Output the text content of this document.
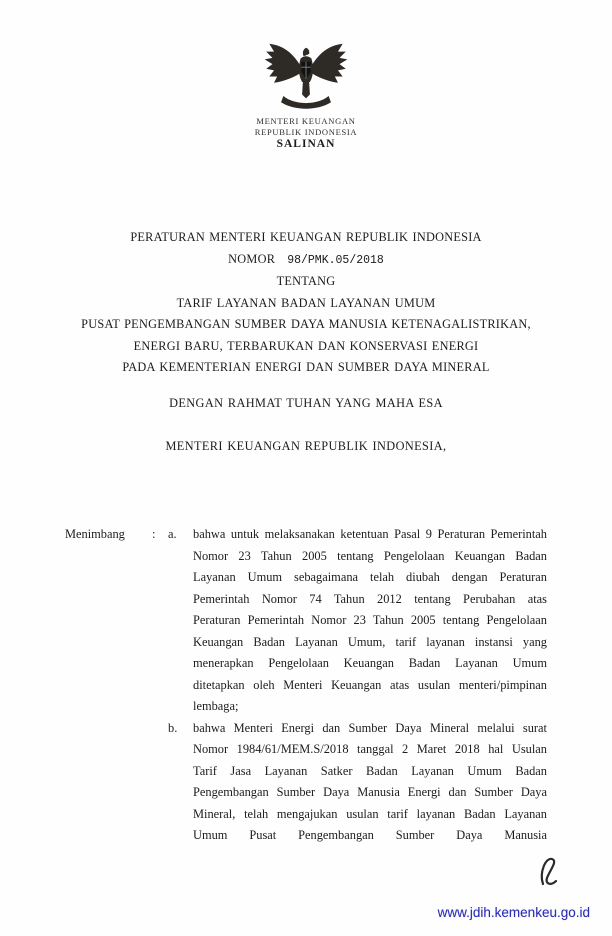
MENTERI KEUANGAN
REPUBLIK INDONESIA
SALINAN
PERATURAN MENTERI KEUANGAN REPUBLIK INDONESIA
NOMOR 98/PMK.05/2018
TENTANG
TARIF LAYANAN BADAN LAYANAN UMUM
PUSAT PENGEMBANGAN SUMBER DAYA MANUSIA KETENAGALISTRIKAN,
ENERGI BARU, TERBARUKAN DAN KONSERVASI ENERGI
PADA KEMENTERIAN ENERGI DAN SUMBER DAYA MINERAL
DENGAN RAHMAT TUHAN YANG MAHA ESA
MENTERI KEUANGAN REPUBLIK INDONESIA,
Menimbang	:	a.	bahwa untuk melaksanakan ketentuan Pasal 9 Peraturan Pemerintah Nomor 23 Tahun 2005 tentang Pengelolaan Keuangan Badan Layanan Umum sebagaimana telah diubah dengan Peraturan Pemerintah Nomor 74 Tahun 2012 tentang Perubahan atas Peraturan Pemerintah Nomor 23 Tahun 2005 tentang Pengelolaan Keuangan Badan Layanan Umum, tarif layanan instansi yang menerapkan Pengelolaan Keuangan Badan Layanan Umum ditetapkan oleh Menteri Keuangan atas usulan menteri/pimpinan lembaga;
b.	bahwa Menteri Energi dan Sumber Daya Mineral melalui surat Nomor 1984/61/MEM.S/2018 tanggal 2 Maret 2018 hal Usulan Tarif Jasa Layanan Satker Badan Layanan Umum Badan Pengembangan Sumber Daya Manusia Energi dan Sumber Daya Mineral, telah mengajukan usulan tarif layanan Badan Layanan Umum Pusat Pengembangan Sumber Daya Manusia
www.jdih.kemenkeu.go.id
